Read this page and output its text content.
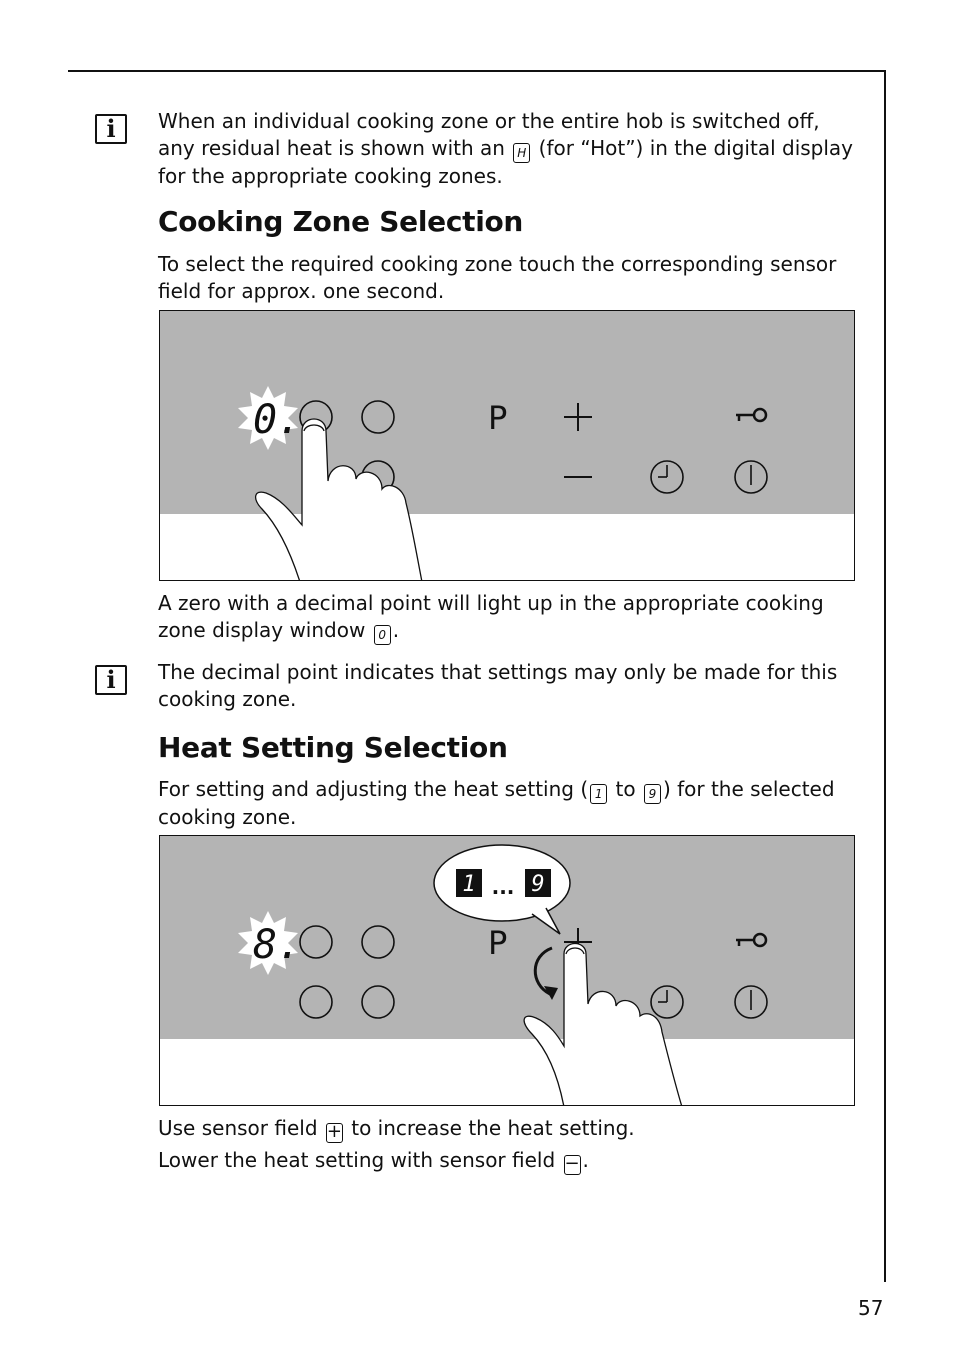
i	When an individual cooking zone or the entire hob is switched off, any residual heat is shown with an H (for “Hot”) in the digital display for the appropriate cooking zones.
Cooking Zone Selection
To select the required cooking zone touch the corresponding sensor field for approx. one second.
0.	P
A zero with a decimal point will light up in the appropriate cooking zone display window 0 .
i	The decimal point indicates that settings may only be made for this cooking zone.
Heat Setting Selection
For setting and adjusting the heat setting ( 1 to 9 ) for the selected cooking zone.
8.	P
1 ... 9
Use sensor field + to increase the heat setting.
Lower the heat setting with sensor field − .
57
